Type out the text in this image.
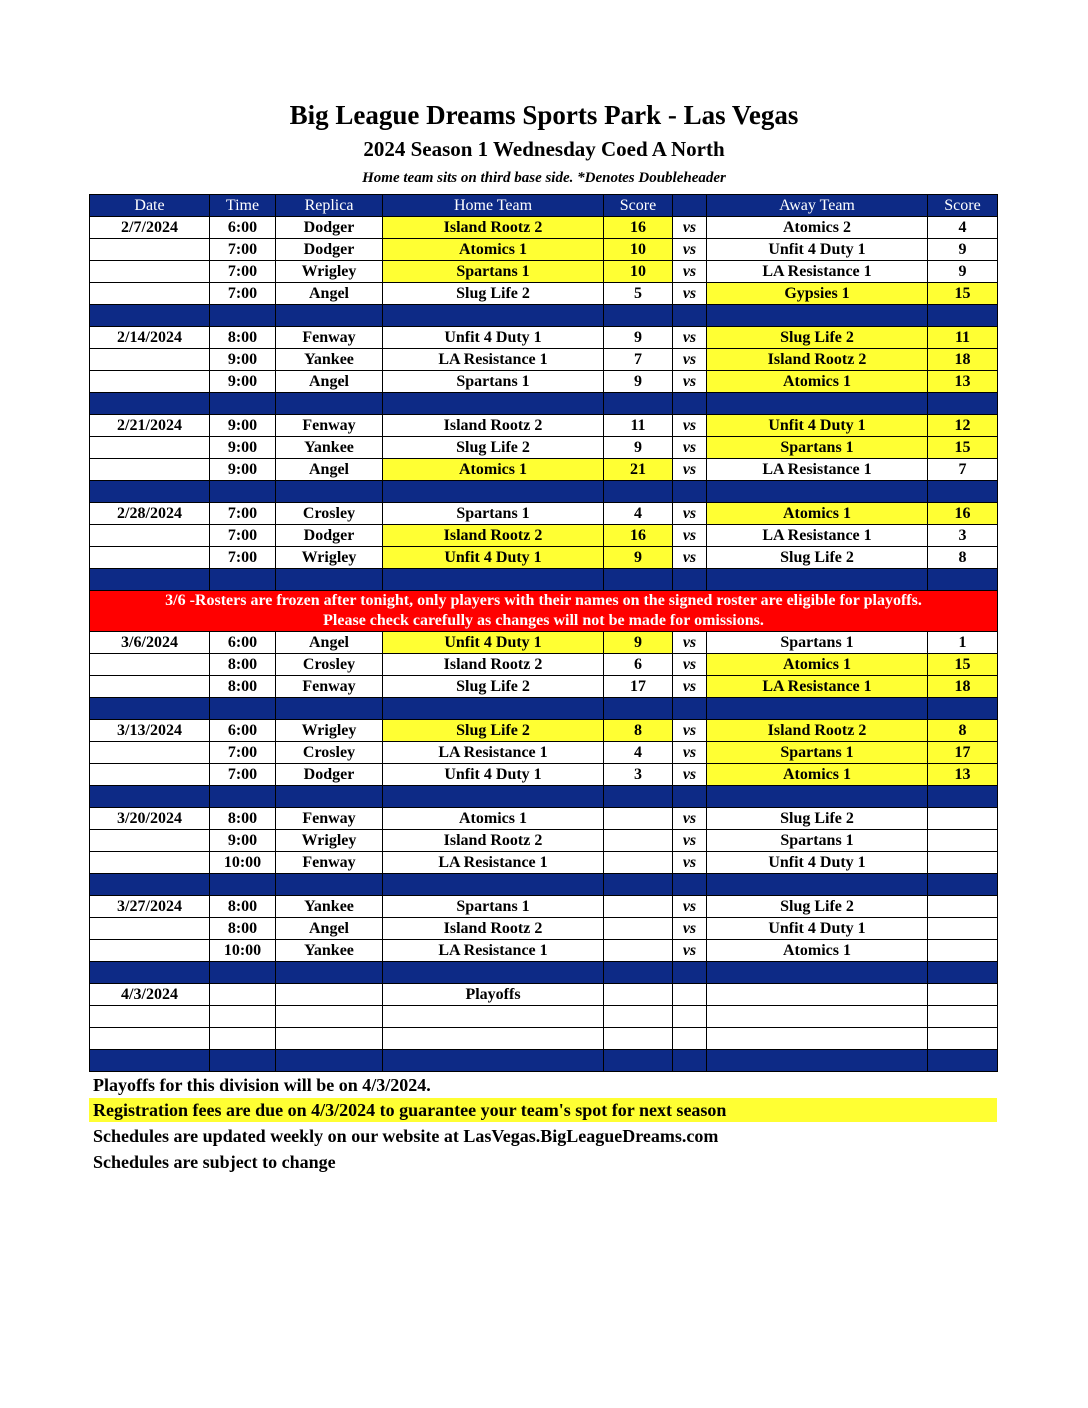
Big League Dreams Sports Park - Las Vegas
2024 Season 1 Wednesday Coed A North
Home team sits on third base side. *Denotes Doubleheader
Date	Time	Replica	Home Team	Score		Away Team	Score
2/7/2024	6:00	Dodger	Island Rootz 2	16	vs	Atomics 2	4
	7:00	Dodger	Atomics 1	10	vs	Unfit 4 Duty 1	9
	7:00	Wrigley	Spartans 1	10	vs	LA Resistance 1	9
	7:00	Angel	Slug Life 2	5	vs	Gypsies 1	15

2/14/2024	8:00	Fenway	Unfit 4 Duty 1	9	vs	Slug Life 2	11
	9:00	Yankee	LA Resistance 1	7	vs	Island Rootz 2	18
	9:00	Angel	Spartans 1	9	vs	Atomics 1	13

2/21/2024	9:00	Fenway	Island Rootz 2	11	vs	Unfit 4 Duty 1	12
	9:00	Yankee	Slug Life 2	9	vs	Spartans 1	15
	9:00	Angel	Atomics 1	21	vs	LA Resistance 1	7

2/28/2024	7:00	Crosley	Spartans 1	4	vs	Atomics 1	16
	7:00	Dodger	Island Rootz 2	16	vs	LA Resistance 1	3
	7:00	Wrigley	Unfit 4 Duty 1	9	vs	Slug Life 2	8

3/6 -Rosters are frozen after tonight, only players with their names on the signed roster are eligible for playoffs.
Please check carefully as changes will not be made for omissions.							

3/6/2024	6:00	Angel	Unfit 4 Duty 1	9	vs	Spartans 1	1
	8:00	Crosley	Island Rootz 2	6	vs	Atomics 1	15
	8:00	Fenway	Slug Life 2	17	vs	LA Resistance 1	18

3/13/2024	6:00	Wrigley	Slug Life 2	8	vs	Island Rootz 2	8
	7:00	Crosley	LA Resistance 1	4	vs	Spartans 1	17
	7:00	Dodger	Unfit 4 Duty 1	3	vs	Atomics 1	13

3/20/2024	8:00	Fenway	Atomics 1		vs	Slug Life 2	
	9:00	Wrigley	Island Rootz 2		vs	Spartans 1	
	10:00	Fenway	LA Resistance 1		vs	Unfit 4 Duty 1	

3/27/2024	8:00	Yankee	Spartans 1		vs	Slug Life 2	
	8:00	Angel	Island Rootz 2		vs	Unfit 4 Duty 1	
	10:00	Yankee	LA Resistance 1		vs	Atomics 1	

4/3/2024			Playoffs				

Playoffs for this division will be on 4/3/2024.
Registration fees are due on 4/3/2024 to guarantee your team's spot for next season
Schedules are updated weekly on our website at LasVegas.BigLeagueDreams.com
Schedules are subject to change
